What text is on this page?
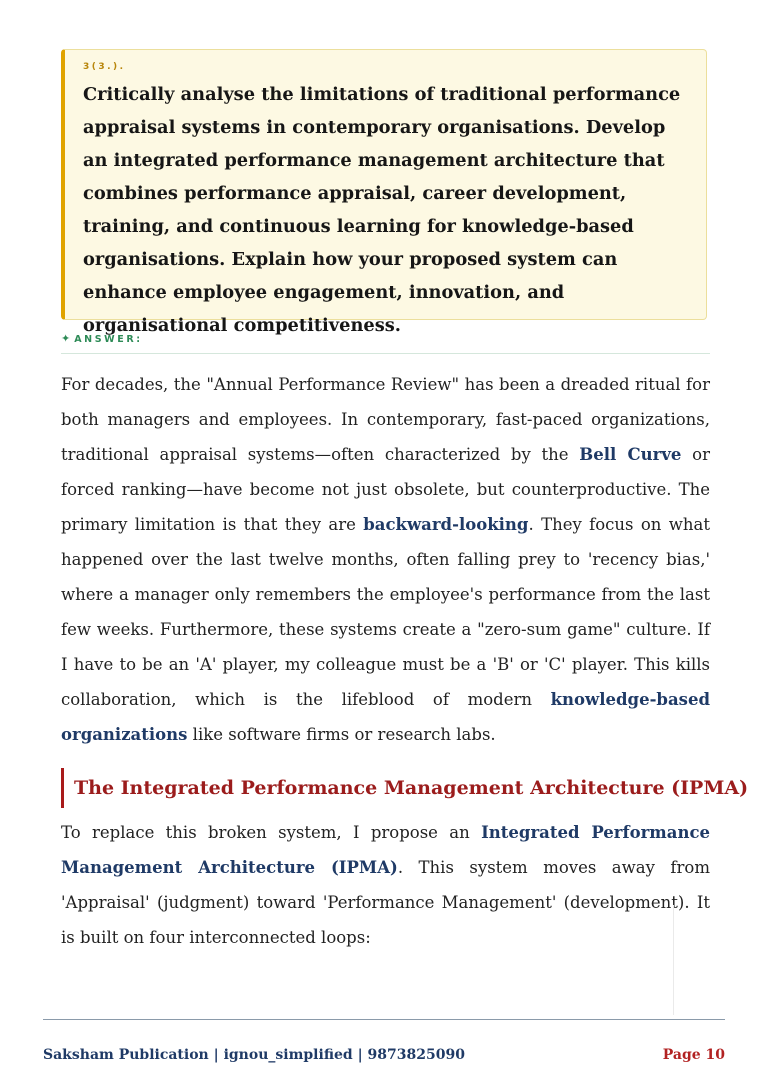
3(3.).
Critically analyse the limitations of traditional performance appraisal systems in contemporary organisations. Develop an integrated performance management architecture that combines performance appraisal, career development, training, and continuous learning for knowledge-based organisations. Explain how your proposed system can enhance employee engagement, innovation, and organisational competitiveness.
✦ ANSWER:

For decades, the "Annual Performance Review" has been a dreaded ritual for both managers and employees. In contemporary, fast-paced organizations, traditional appraisal systems—often characterized by the Bell Curve or forced ranking—have become not just obsolete, but counterproductive. The primary limitation is that they are backward-looking. They focus on what happened over the last twelve months, often falling prey to 'recency bias,' where a manager only remembers the employee's performance from the last few weeks. Furthermore, these systems create a "zero-sum game" culture. If I have to be an 'A' player, my colleague must be a 'B' or 'C' player. This kills collaboration, which is the lifeblood of modern knowledge-based organizations like software firms or research labs.

The Integrated Performance Management Architecture (IPMA)

To replace this broken system, I propose an Integrated Performance Management Architecture (IPMA). This system moves away from 'Appraisal' (judgment) toward 'Performance Management' (development). It is built on four interconnected loops:

Saksham Publication | ignou_simplified | 9873825090	Page 10
